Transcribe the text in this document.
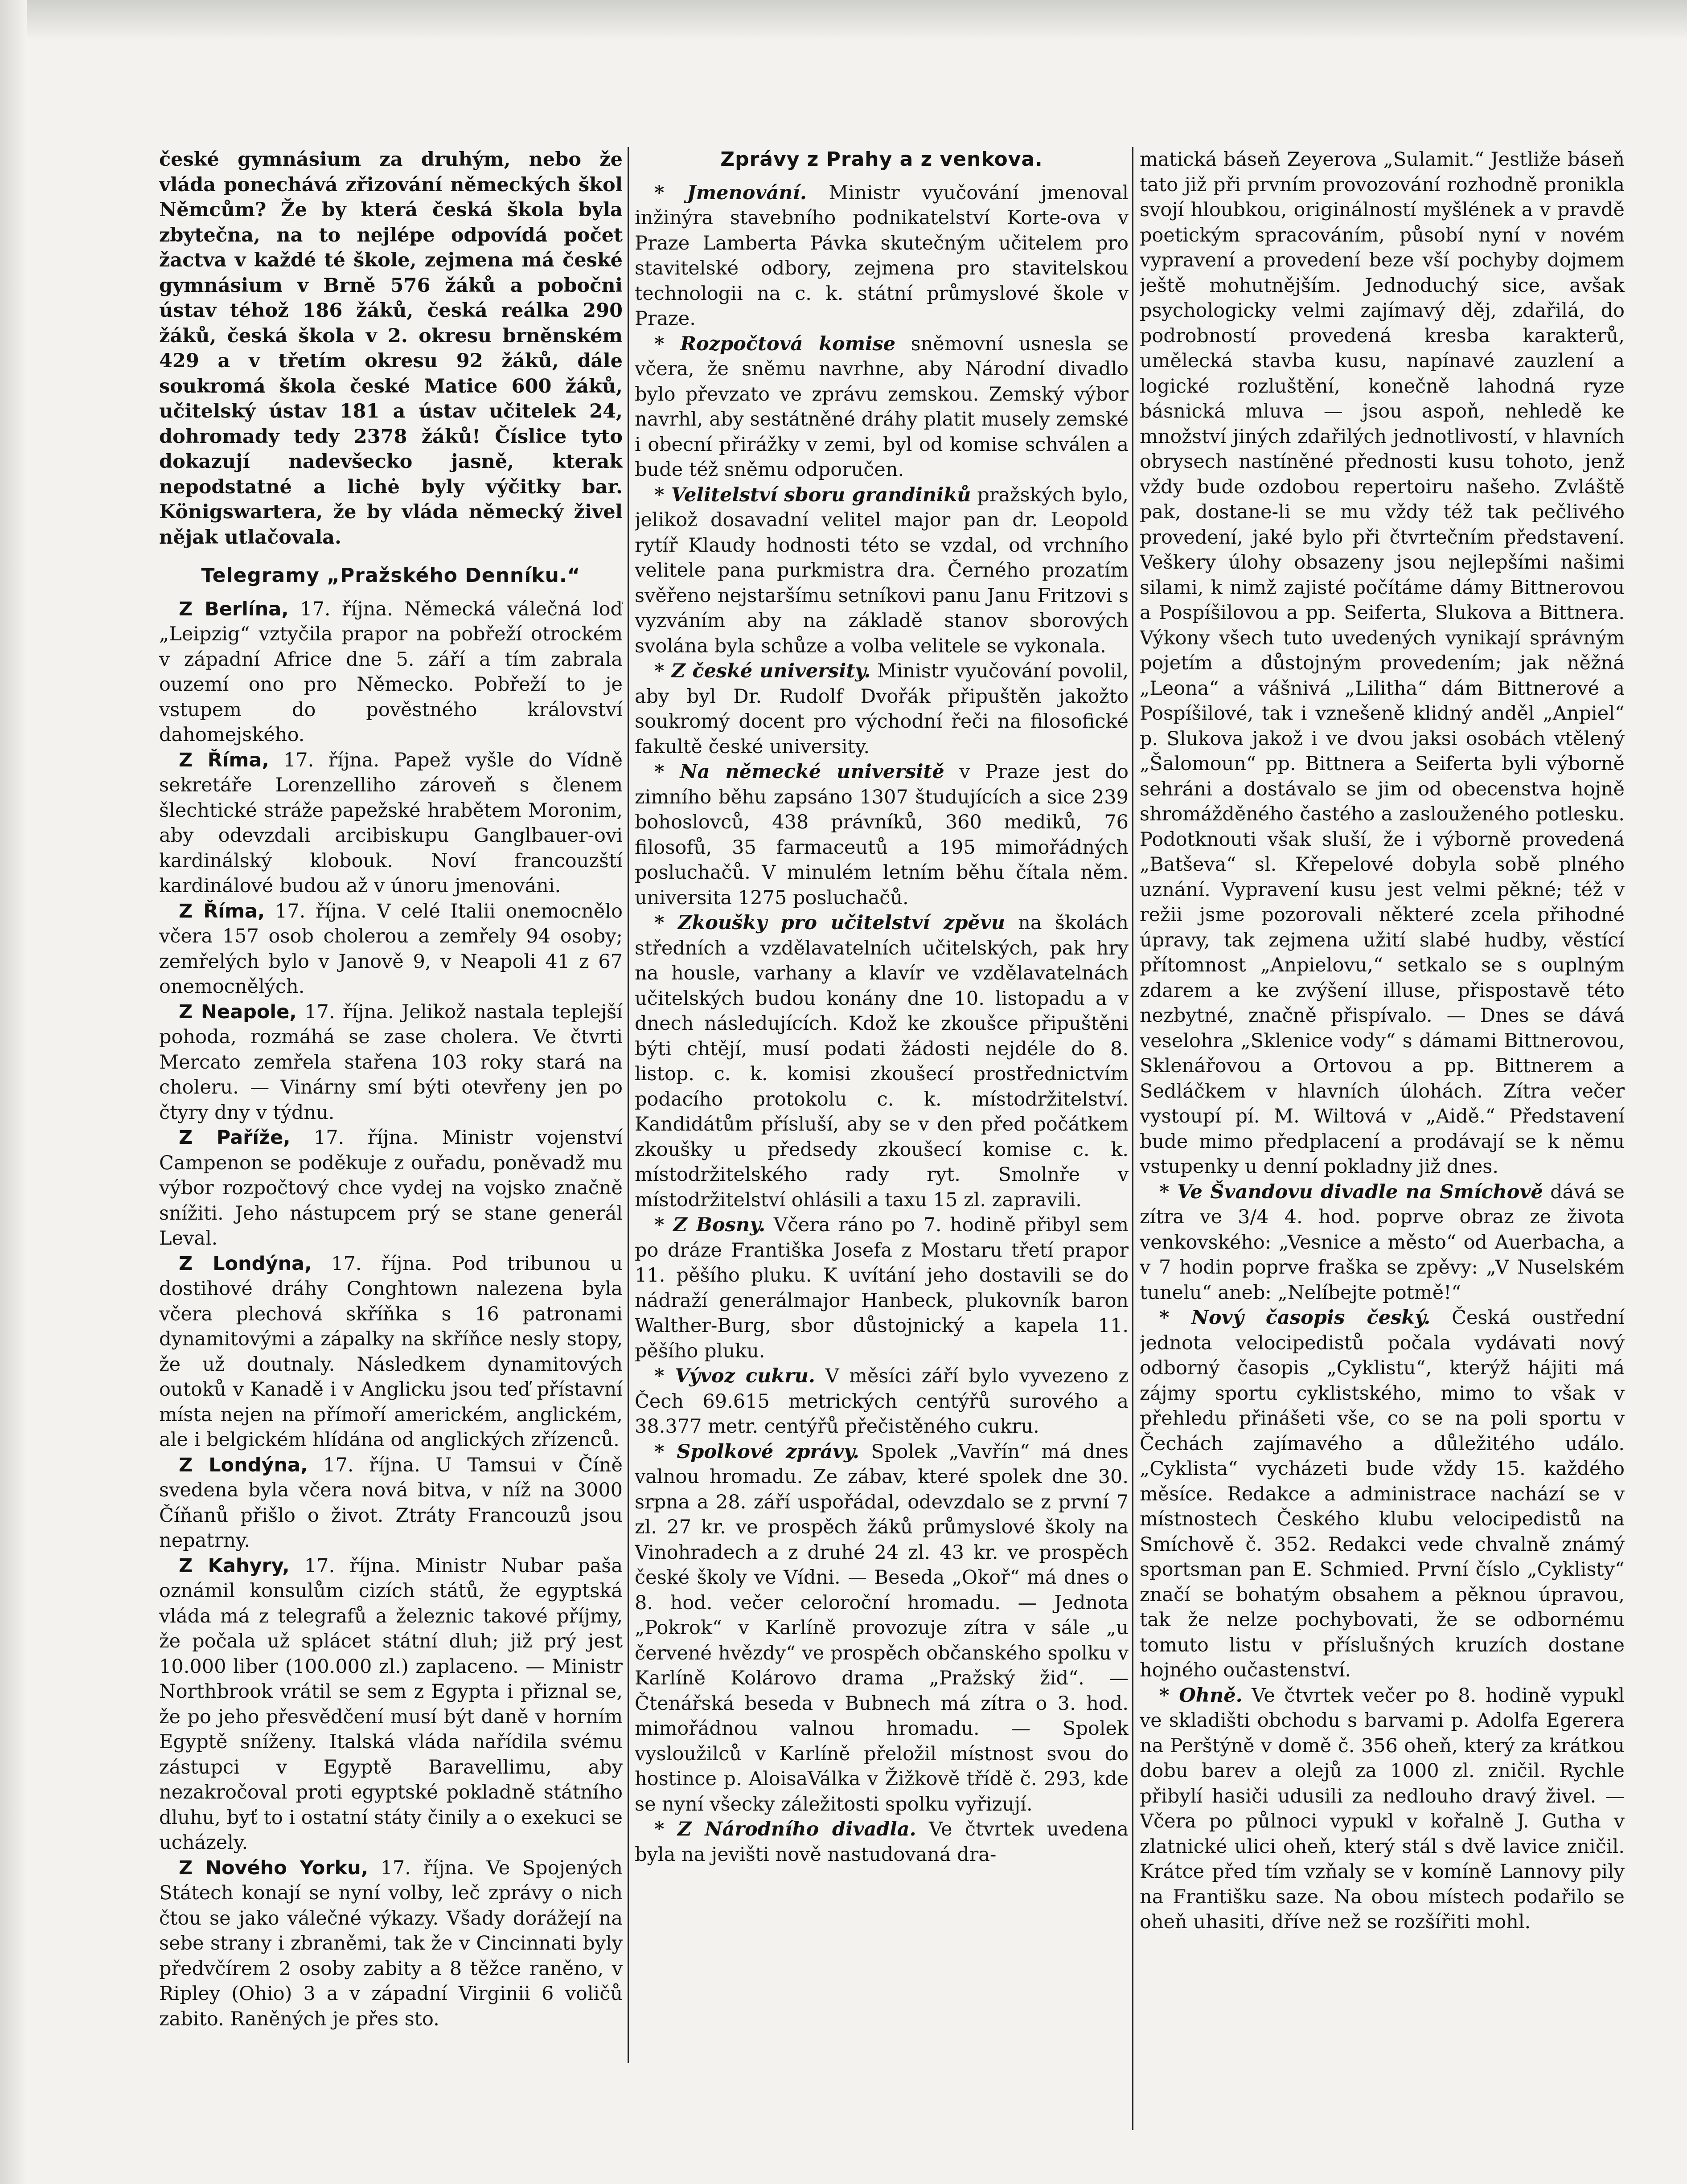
české gymnásium za druhým, nebo že vláda ponechává zřizování německých škol Němcům? Že by která česká škola byla zbytečna, na to nejlépe odpovídá počet žactva v každé té škole, zejmena má české gymnásium v Brně 576 žáků a pobočni ústav téhož 186 žáků, česká reálka 290 žáků, česká škola v 2. okresu brněnském 429 a v třetím okresu 92 žáků, dále soukromá škola české Matice 600 žáků, učitelský ústav 181 a ústav učitelek 24, dohromady tedy 2378 žáků! Číslice tyto dokazují nadevšecko jasně, kterak nepodstatné a lichė byly výčitky bar. Königswartera, že by vláda německý živel nějak utlačovala.

Telegramy „Pražského Denníku.“

Z Berlína, 17. října. Německá válečná loď „Leipzig“ vztyčila prapor na pobřeží otrockém v západní Africe dne 5. září a tím zabrala ouzemí ono pro Německo. Pobřeží to je vstupem do pověstného království dahomejského.

Z Říma, 17. října. Papež vyšle do Vídně sekretáře Lorenzelliho zároveň s členem šlechtické stráže papežské hrabětem Moronim, aby odevzdali arcibiskupu Ganglbauer-ovi kardinálský klobouk. Noví francouzští kardinálové budou až v únoru jmenováni.

Z Říma, 17. října. V celé Italii onemocnělo včera 157 osob cholerou a zemřely 94 osoby; zemřelých bylo v Janově 9, v Neapoli 41 z 67 onemocnělých.

Z Neapole, 17. října. Jelikož nastala teplejší pohoda, rozmáhá se zase cholera. Ve čtvrti Mercato zemřela stařena 103 roky stará na choleru. — Vinárny smí býti otevřeny jen po čtyry dny v týdnu.

Z Paříže, 17. října. Ministr vojenství Campenon se poděkuje z ouřadu, poněvadž mu výbor rozpočtový chce vydej na vojsko značně snížiti. Jeho nástupcem prý se stane generál Leval.

Z Londýna, 17. října. Pod tribunou u dostihové dráhy Conghtown nalezena byla včera plechová skříňka s 16 patronami dynamitovými a zápalky na skříňce nesly stopy, že už doutnaly. Následkem dynamitových outoků v Kanadě i v Anglicku jsou teď přístavní místa nejen na přímoří americkém, anglickém, ale i belgickém hlídána od anglických zřízenců.

Z Londýna, 17. října. U Tamsui v Číně svedena byla včera nová bitva, v níž na 3000 Číňanů přišlo o život. Ztráty Francouzů jsou nepatrny.

Z Kahyry, 17. října. Ministr Nubar paša oznámil konsulům cizích států, že egyptská vláda má z telegrafů a železnic takové příjmy, že počala už splácet státní dluh; již prý jest 10.000 liber (100.000 zl.) zaplaceno. — Ministr Northbrook vrátil se sem z Egypta i přiznal se, že po jeho přesvědčení musí být daně v horním Egyptě sníženy. Italská vláda nařídila svému zástupci v Egyptě Baravellimu, aby nezakročoval proti egyptské pokladně státního dluhu, byť to i ostatní státy činily a o exekuci se ucházely.

Z Nového Yorku, 17. října. Ve Spojených Státech konají se nyní volby, leč zprávy o nich čtou se jako válečné výkazy. Všady dorážejí na sebe strany i zbraněmi, tak že v Cincinnati byly předvčírem 2 osoby zabity a 8 těžce raněno, v Ripley (Ohio) 3 a v západní Virginii 6 voličů zabito. Raněných je přes sto.

Zprávy z Prahy a z venkova.

* Jmenování. Ministr vyučování jmenoval inžinýra stavebního podnikatelství Korte-ova v Praze Lamberta Pávka skutečným učitelem pro stavitelské odbory, zejmena pro stavitelskou technologii na c. k. státní průmyslové škole v Praze.

* Rozpočtová komise sněmovní usnesla se včera, že sněmu navrhne, aby Národní divadlo bylo převzato ve zprávu zemskou. Zemský výbor navrhl, aby sestátněné dráhy platit musely zemské i obecní přirážky v zemi, byl od komise schválen a bude též sněmu odporučen.

* Velitelství sboru grandiniků pražských bylo, jelikož dosavadní velitel major pan dr. Leopold rytíř Klaudy hodnosti této se vzdal, od vrchního velitele pana purkmistra dra. Černého prozatím svěřeno nejstaršímu setníkovi panu Janu Fritzovi s vyzváním aby na základě stanov sborových svolána byla schůze a volba velitele se vykonala.

* Z české university. Ministr vyučování povolil, aby byl Dr. Rudolf Dvořák připuštěn jakožto soukromý docent pro východní řeči na filosofické fakultě české university.

* Na německé universitě v Praze jest do zimního běhu zapsáno 1307 študujících a sice 239 bohoslovců, 438 právníků, 360 mediků, 76 filosofů, 35 farmaceutů a 195 mimořádných posluchačů. V minulém letním běhu čítala něm. universita 1275 posluchačů.

* Zkoušky pro učitelství zpěvu na školách středních a vzdělavatelních učitelských, pak hry na housle, varhany a klavír ve vzdělavatelnách učitelských budou konány dne 10. listopadu a v dnech následujících. Kdož ke zkoušce připuštěni býti chtějí, musí podati žádosti nejdéle do 8. listop. c. k. komisi zkoušecí prostřednictvím podacího protokolu c. k. místodržitelství. Kandidátům přísluší, aby se v den před počátkem zkoušky u předsedy zkoušecí komise c. k. místodržitelského rady ryt. Smolnře v místodržitelství ohlásili a taxu 15 zl. zapravili.

* Z Bosny. Včera ráno po 7. hodině přibyl sem po dráze Františka Josefa z Mostaru třetí prapor 11. pěšího pluku. K uvítání jeho dostavili se do nádraží generálmajor Hanbeck, plukovník baron Walther-Burg, sbor důstojnický a kapela 11. pěšího pluku.

* Vývoz cukru. V měsíci září bylo vyvezeno z Čech 69.615 metrických centýřů surového a 38.377 metr. centýřů přečistěného cukru.

* Spolkové zprávy. Spolek „Vavřín“ má dnes valnou hromadu. Ze zábav, které spolek dne 30. srpna a 28. září uspořádal, odevzdalo se z první 7 zl. 27 kr. ve prospěch žáků průmyslové školy na Vinohradech a z druhé 24 zl. 43 kr. ve prospěch české školy ve Vídni. — Beseda „Okoř“ má dnes o 8. hod. večer celoroční hromadu. — Jednota „Pokrok“ v Karlíně provozuje zítra v sále „u červené hvězdy“ ve prospěch občanského spolku v Karlíně Kolárovo drama „Pražský žid“. — Čtenářská beseda v Bubnech má zítra o 3. hod. mimořádnou valnou hromadu. — Spolek vysloužilců v Karlíně přeložil místnost svou do hostince p. AloisaVálka v Žižkově třídě č. 293, kde se nyní všecky záležitosti spolku vyřizují.

* Z Národního divadla. Ve čtvrtek uvedena byla na jevišti nově nastudovaná dra-

matická báseň Zeyerova „Sulamit.“ Jestliže báseň tato již při prvním provozování rozhodně pronikla svojí hloubkou, originálností myšlének a v pravdě poetickým spracováním, působí nyní v novém vypravení a provedení beze vší pochyby dojmem ještě mohutnějším. Jednoduchý sice, avšak psychologicky velmi zajímavý děj, zdařilá, do podrobností provedená kresba karakterů, umělecká stavba kusu, napínavé zauzlení a logické rozluštění, konečně lahodná ryze básnická mluva — jsou aspoň, nehledě ke množství jiných zdařilých jednotlivostí, v hlavních obrysech nastíněné přednosti kusu tohoto, jenž vždy bude ozdobou repertoiru našeho. Zvláště pak, dostane-li se mu vždy též tak pečlivého provedení, jaké bylo při čtvrtečním představení. Veškery úlohy obsazeny jsou nejlepšími našimi silami, k nimž zajisté počítáme dámy Bittnerovou a Pospíšilovou a pp. Seiferta, Slukova a Bittnera. Výkony všech tuto uvedených vynikají správným pojetím a důstojným provedením; jak něžná „Leona“ a vášnivá „Lilitha“ dám Bittnerové a Pospíšilové, tak i vznešeně klidný anděl „Anpiel“ p. Slukova jakož i ve dvou jaksi osobách vtělený „Šalomoun“ pp. Bittnera a Seiferta byli výborně sehráni a dostávalo se jim od obecenstva hojně shromážděného častého a zaslouženého potlesku. Podotknouti však sluší, že i výborně provedená „Batševa“ sl. Křepelové dobyla sobě plného uznání. Vypravení kusu jest velmi pěkné; též v režii jsme pozorovali některé zcela přihodné úpravy, tak zejmena užití slabé hudby, věstící přítomnost „Anpielovu,“ setkalo se s ouplným zdarem a ke zvýšení illuse, přispostavě této nezbytné, značně přispívalo. — Dnes se dává veselohra „Sklenice vody“ s dámami Bittnerovou, Sklenářovou a Ortovou a pp. Bittnerem a Sedláčkem v hlavních úlohách. Zítra večer vystoupí pí. M. Wiltová v „Aidě.“ Představení bude mimo předplacení a prodávají se k němu vstupenky u denní pokladny již dnes.

* Ve Švandovu divadle na Smíchově dává se zítra ve 3/4 4. hod. poprve obraz ze života venkovského: „Vesnice a město“ od Auerbacha, a v 7 hodin poprve fraška se zpěvy: „V Nuselském tunelu“ aneb: „Nelíbejte potmě!“

* Nový časopis český. Česká oustřední jednota velocipedistů počala vydávati nový odborný časopis „Cyklistu“, kterýž hájiti má zájmy sportu cyklistského, mimo to však v přehledu přinášeti vše, co se na poli sportu v Čechách zajímavého a důležitého událo. „Cyklista“ vycházeti bude vždy 15. každého měsíce. Redakce a administrace nachází se v místnostech Českého klubu velocipedistů na Smíchově č. 352. Redakci vede chvalně známý sportsman pan E. Schmied. První číslo „Cyklisty“ značí se bohatým obsahem a pěknou úpravou, tak že nelze pochybovati, že se odbornému tomuto listu v příslušných kruzích dostane hojného oučastenství.

* Ohně. Ve čtvrtek večer po 8. hodině vypukl ve skladišti obchodu s barvami p. Adolfa Egerera na Perštýně v domě č. 356 oheň, který za krátkou dobu barev a olejů za 1000 zl. zničil. Rychle přibylí hasiči udusili za nedlouho dravý živel. — Včera po půlnoci vypukl v kořalně J. Gutha v zlatnické ulici oheň, který stál s dvě lavice zničil. Krátce před tím vzňaly se v komíně Lannovy pily na Františku saze. Na obou místech podařilo se oheň uhasiti, dříve než se rozšířiti mohl.
